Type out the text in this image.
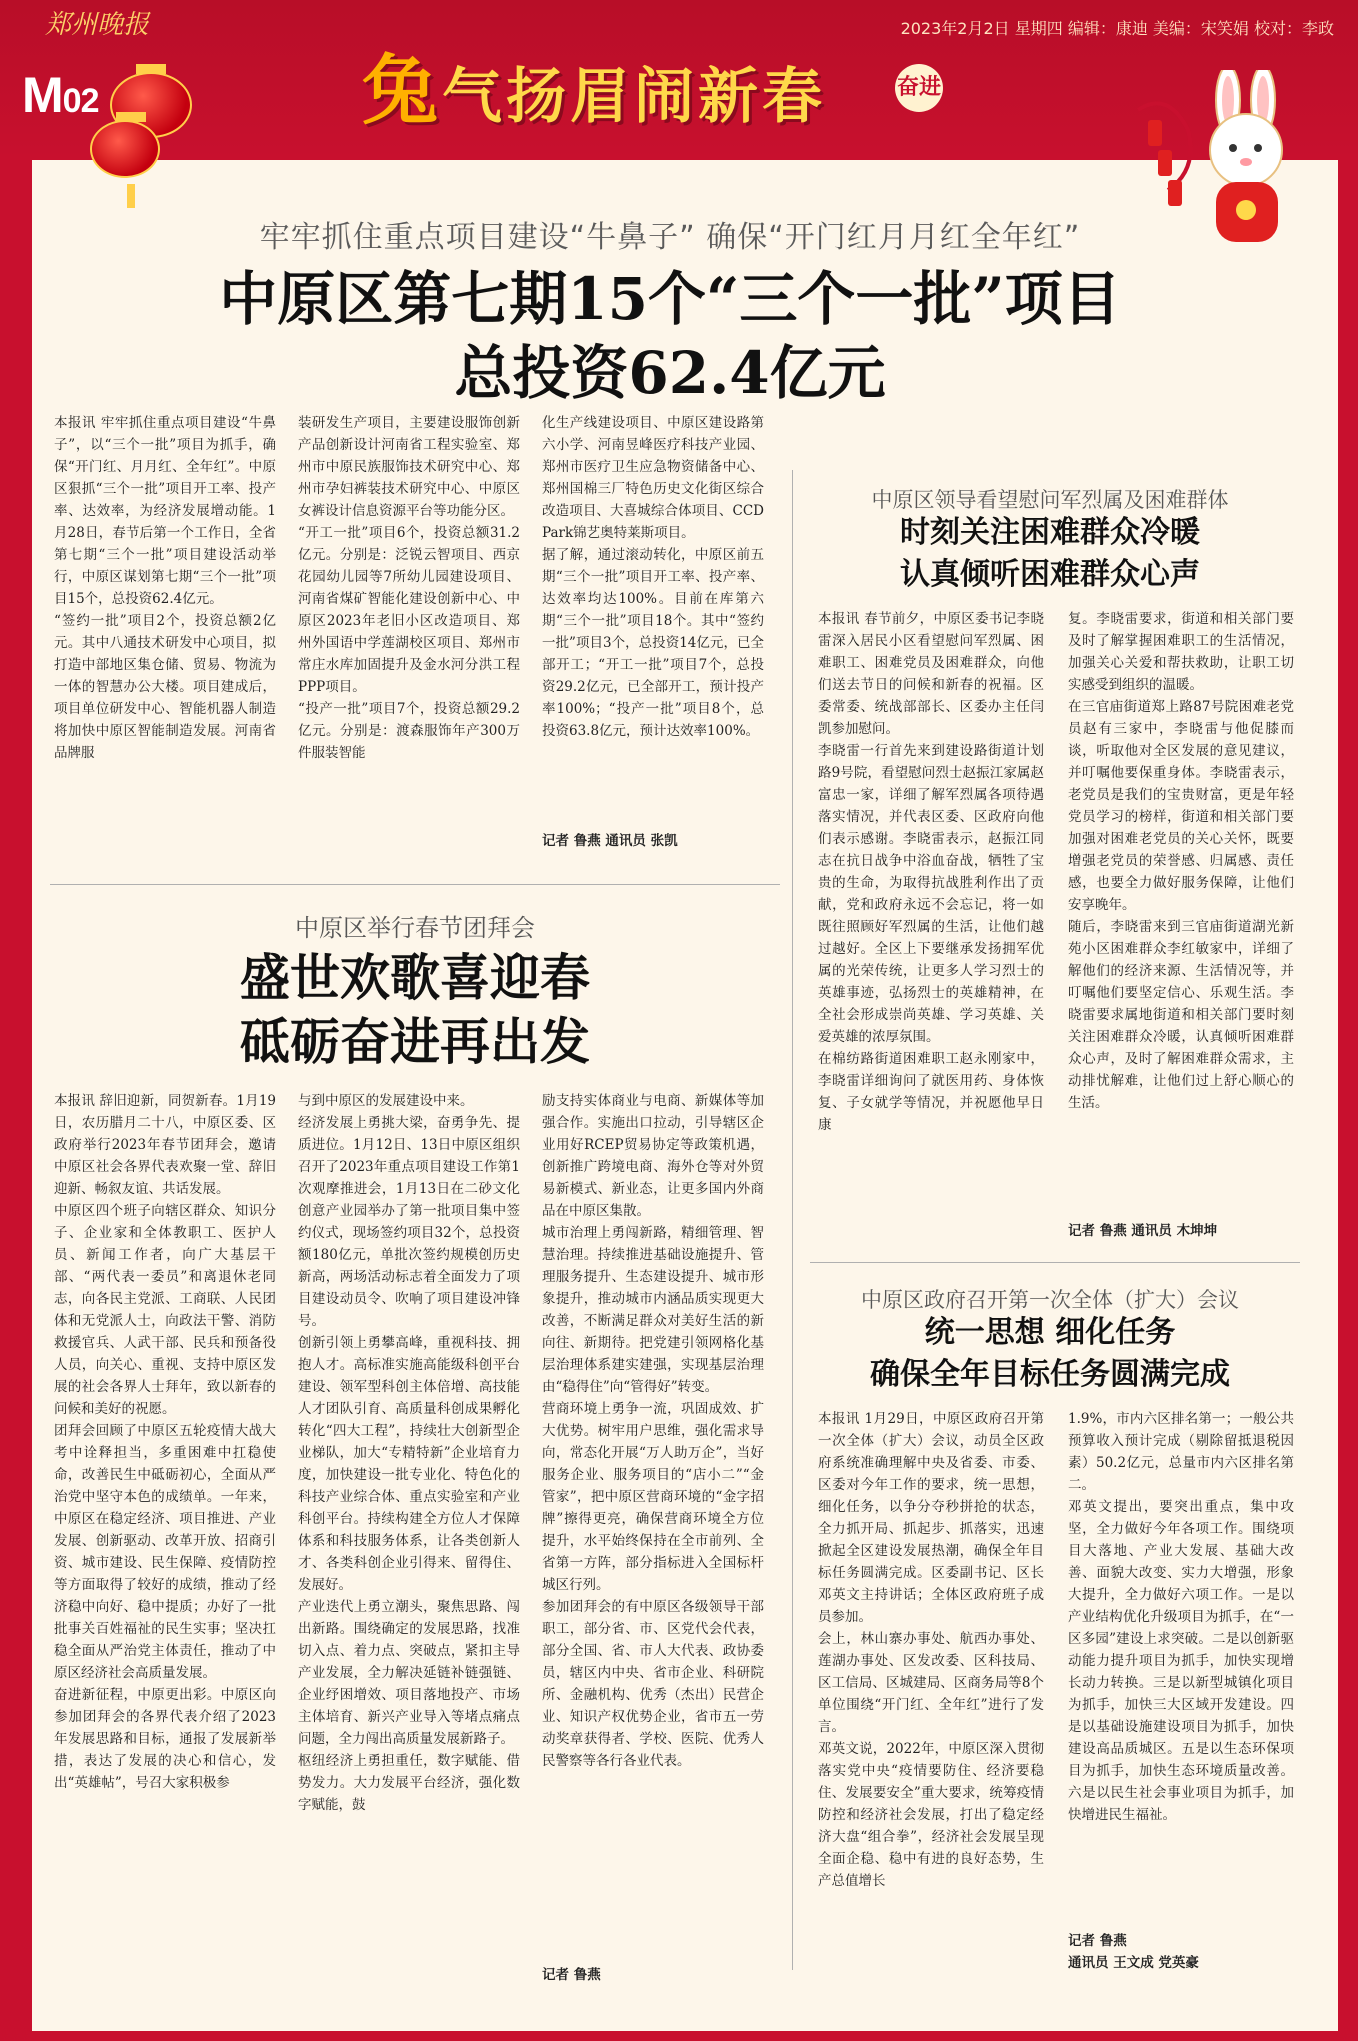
郑州晚报
M02
2023年2月2日 星期四 编辑：康迪 美编：宋笑娟 校对：李政
兔气扬眉闹新春	奋进
牢牢抓住重点项目建设“牛鼻子” 确保“开门红月月红全年红”
中原区第七期15个“三个一批”项目
总投资62.4亿元
本报讯 牢牢抓住重点项目建设“牛鼻子”，以“三个一批”项目为抓手，确保“开门红、月月红、全年红”。中原区狠抓“三个一批”项目开工率、投产率、达效率，为经济发展增动能。1月28日，春节后第一个工作日，全省第七期“三个一批”项目建设活动举行，中原区谋划第七期“三个一批”项目15个，总投资62.4亿元。
“签约一批”项目2个，投资总额2亿元。其中八通技术研发中心项目，拟打造中部地区集仓储、贸易、物流为一体的智慧办公大楼。项目建成后，项目单位研发中心、智能机器人制造将加快中原区智能制造发展。河南省品牌服
装研发生产项目，主要建设服饰创新产品创新设计河南省工程实验室、郑州市中原民族服饰技术研究中心、郑州市孕妇裤装技术研究中心、中原区女裤设计信息资源平台等功能分区。
“开工一批”项目6个，投资总额31.2亿元。分别是：泛锐云智项目、西京花园幼儿园等7所幼儿园建设项目、河南省煤矿智能化建设创新中心、中原区2023年老旧小区改造项目、郑州外国语中学莲湖校区项目、郑州市常庄水库加固提升及金水河分洪工程PPP项目。
“投产一批”项目7个，投资总额29.2亿元。分别是：渡森服饰年产300万件服装智能
化生产线建设项目、中原区建设路第六小学、河南昱峰医疗科技产业园、郑州市医疗卫生应急物资储备中心、郑州国棉三厂特色历史文化街区综合改造项目、大喜城综合体项目、CCD Park锦艺奥特莱斯项目。
据了解，通过滚动转化，中原区前五期“三个一批”项目开工率、投产率、达效率均达100%。目前在库第六期“三个一批”项目18个。其中“签约一批”项目3个，总投资14亿元，已全部开工；“开工一批”项目7个，总投资29.2亿元，已全部开工，预计投产率100%；“投产一批”项目8个，总投资63.8亿元，预计达效率100%。
记者 鲁燕 通讯员 张凯
中原区领导看望慰问军烈属及困难群体
时刻关注困难群众冷暖
认真倾听困难群众心声
本报讯 春节前夕，中原区委书记李晓雷深入居民小区看望慰问军烈属、困难职工、困难党员及困难群众，向他们送去节日的问候和新春的祝福。区委常委、统战部部长、区委办主任闫凯参加慰问。
李晓雷一行首先来到建设路街道计划路9号院，看望慰问烈士赵振江家属赵富忠一家，详细了解军烈属各项待遇落实情况，并代表区委、区政府向他们表示感谢。李晓雷表示，赵振江同志在抗日战争中浴血奋战，牺牲了宝贵的生命，为取得抗战胜利作出了贡献，党和政府永远不会忘记，将一如既往照顾好军烈属的生活，让他们越过越好。全区上下要继承发扬拥军优属的光荣传统，让更多人学习烈士的英雄事迹，弘扬烈士的英雄精神，在全社会形成崇尚英雄、学习英雄、关爱英雄的浓厚氛围。
在棉纺路街道困难职工赵永刚家中，李晓雷详细询问了就医用药、身体恢复、子女就学等情况，并祝愿他早日康
复。李晓雷要求，街道和相关部门要及时了解掌握困难职工的生活情况，加强关心关爱和帮扶救助，让职工切实感受到组织的温暖。
在三官庙街道郑上路87号院困难老党员赵有三家中，李晓雷与他促膝而谈，听取他对全区发展的意见建议，并叮嘱他要保重身体。李晓雷表示，老党员是我们的宝贵财富，更是年轻党员学习的榜样，街道和相关部门要加强对困难老党员的关心关怀，既要增强老党员的荣誉感、归属感、责任感，也要全力做好服务保障，让他们安享晚年。
随后，李晓雷来到三官庙街道湖光新苑小区困难群众李红敏家中，详细了解他们的经济来源、生活情况等，并叮嘱他们要坚定信心、乐观生活。李晓雷要求属地街道和相关部门要时刻关注困难群众冷暖，认真倾听困难群众心声，及时了解困难群众需求，主动排忧解难，让他们过上舒心顺心的生活。
记者 鲁燕 通讯员 木坤坤
中原区政府召开第一次全体（扩大）会议
统一思想 细化任务
确保全年目标任务圆满完成
本报讯 1月29日，中原区政府召开第一次全体（扩大）会议，动员全区政府系统准确理解中央及省委、市委、区委对今年工作的要求，统一思想，细化任务，以争分夺秒拼抢的状态，全力抓开局、抓起步、抓落实，迅速掀起全区建设发展热潮，确保全年目标任务圆满完成。区委副书记、区长邓英文主持讲话；全体区政府班子成员参加。
会上，林山寨办事处、航西办事处、莲湖办事处、区发改委、区科技局、区工信局、区城建局、区商务局等8个单位围绕“开门红、全年红”进行了发言。
邓英文说，2022年，中原区深入贯彻落实党中央“疫情要防住、经济要稳住、发展要安全”重大要求，统筹疫情防控和经济社会发展，打出了稳定经济大盘“组合拳”，经济社会发展呈现全面企稳、稳中有进的良好态势，生产总值增长
1.9%，市内六区排名第一；一般公共预算收入预计完成（剔除留抵退税因素）50.2亿元，总量市内六区排名第二。
邓英文提出，要突出重点，集中攻坚，全力做好今年各项工作。围绕项目大落地、产业大发展、基础大改善、面貌大改变、实力大增强，形象大提升，全力做好六项工作。一是以产业结构优化升级项目为抓手，在“一区多园”建设上求突破。二是以创新驱动能力提升项目为抓手，加快实现增长动力转换。三是以新型城镇化项目为抓手，加快三大区域开发建设。四是以基础设施建设项目为抓手，加快建设高品质城区。五是以生态环保项目为抓手，加快生态环境质量改善。六是以民生社会事业项目为抓手，加快增进民生福祉。
记者 鲁燕
通讯员 王文成 党英豪
中原区举行春节团拜会
盛世欢歌喜迎春
砥砺奋进再出发
本报讯 辞旧迎新，同贺新春。1月19日，农历腊月二十八，中原区委、区政府举行2023年春节团拜会，邀请中原区社会各界代表欢聚一堂、辞旧迎新、畅叙友谊、共话发展。
中原区四个班子向辖区群众、知识分子、企业家和全体教职工、医护人员、新闻工作者，向广大基层干部、“两代表一委员”和离退休老同志，向各民主党派、工商联、人民团体和无党派人士，向政法干警、消防救援官兵、人武干部、民兵和预备役人员，向关心、重视、支持中原区发展的社会各界人士拜年，致以新春的问候和美好的祝愿。
团拜会回顾了中原区五轮疫情大战大考中诠释担当，多重困难中扛稳使命，改善民生中砥砺初心，全面从严治党中坚守本色的成绩单。一年来，中原区在稳定经济、项目推进、产业发展、创新驱动、改革开放、招商引资、城市建设、民生保障、疫情防控等方面取得了较好的成绩，推动了经济稳中向好、稳中提质；办好了一批批事关百姓福祉的民生实事；坚决扛稳全面从严治党主体责任，推动了中原区经济社会高质量发展。
奋进新征程，中原更出彩。中原区向参加团拜会的各界代表介绍了2023年发展思路和目标，通报了发展新举措，表达了发展的决心和信心，发出“英雄帖”，号召大家积极参
与到中原区的发展建设中来。
经济发展上勇挑大梁，奋勇争先、提质进位。1月12日、13日中原区组织召开了2023年重点项目建设工作第1次观摩推进会，1月13日在二砂文化创意产业园举办了第一批项目集中签约仪式，现场签约项目32个，总投资额180亿元，单批次签约规模创历史新高，两场活动标志着全面发力了项目建设动员令、吹响了项目建设冲锋号。
创新引领上勇攀高峰，重视科技、拥抱人才。高标准实施高能级科创平台建设、领军型科创主体倍增、高技能人才团队引育、高质量科创成果孵化转化“四大工程”，持续壮大创新型企业梯队，加大“专精特新”企业培育力度，加快建设一批专业化、特色化的科技产业综合体、重点实验室和产业科创平台。持续构建全方位人才保障体系和科技服务体系，让各类创新人才、各类科创企业引得来、留得住、发展好。
产业迭代上勇立潮头，聚焦思路、闯出新路。围绕确定的发展思路，找准切入点、着力点、突破点，紧扣主导产业发展，全力解决延链补链强链、企业纾困增效、项目落地投产、市场主体培育、新兴产业导入等堵点痛点问题，全力闯出高质量发展新路子。
枢纽经济上勇担重任，数字赋能、借势发力。大力发展平台经济，强化数字赋能，鼓
励支持实体商业与电商、新媒体等加强合作。实施出口拉动，引导辖区企业用好RCEP贸易协定等政策机遇，创新推广跨境电商、海外仓等对外贸易新模式、新业态，让更多国内外商品在中原区集散。
城市治理上勇闯新路，精细管理、智慧治理。持续推进基础设施提升、管理服务提升、生态建设提升、城市形象提升，推动城市内涵品质实现更大改善，不断满足群众对美好生活的新向往、新期待。把党建引领网格化基层治理体系建实建强，实现基层治理由“稳得住”向“管得好”转变。
营商环境上勇争一流，巩固成效、扩大优势。树牢用户思维，强化需求导向，常态化开展“万人助万企”，当好服务企业、服务项目的“店小二”“金管家”，把中原区营商环境的“金字招牌”擦得更亮，确保营商环境全方位提升，水平始终保持在全市前列、全省第一方阵，部分指标进入全国标杆城区行列。
参加团拜会的有中原区各级领导干部职工，部分省、市、区党代会代表，部分全国、省、市人大代表、政协委员，辖区内中央、省市企业、科研院所、金融机构、优秀（杰出）民营企业、知识产权优势企业，省市五一劳动奖章获得者、学校、医院、优秀人民警察等各行各业代表。
记者 鲁燕
